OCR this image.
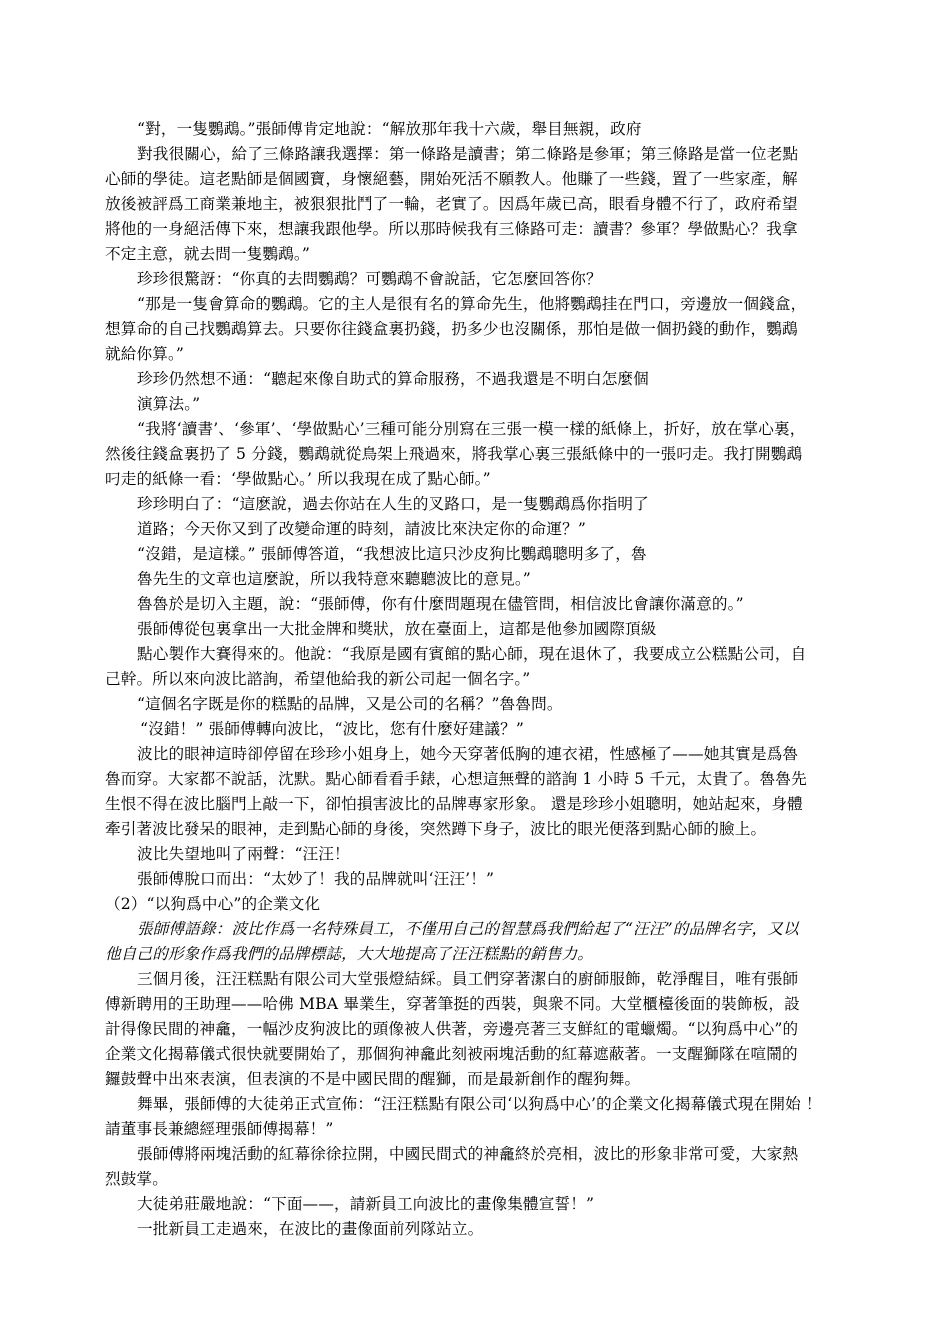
“對，一隻鸚鵡。”張師傅肯定地說：“解放那年我十六歲，舉目無親，政府
對我很關心，給了三條路讓我選擇：第一條路是讀書；第二條路是參軍；第三條路是當一位老點
心師的學徒。這老點師是個國寶，身懷絕藝，開始死活不願教人。他賺了一些錢，置了一些家產，解
放後被評爲工商業兼地主，被狠狠批鬥了一輪，老實了。因爲年歲已高，眼看身體不行了，政府希望
將他的一身絕活傳下來，想讓我跟他學。所以那時候我有三條路可走：讀書？參軍？學做點心？我拿
不定主意，就去問一隻鸚鵡。”
珍珍很驚訝：“你真的去問鸚鵡？可鸚鵡不會說話，它怎麼回答你？
“那是一隻會算命的鸚鵡。它的主人是很有名的算命先生，他將鸚鵡挂在門口，旁邊放一個錢盒，
想算命的自己找鸚鵡算去。只要你往錢盒裏扔錢，扔多少也沒關係，那怕是做一個扔錢的動作，鸚鵡
就給你算。”
珍珍仍然想不通：“聽起來像自助式的算命服務，不過我還是不明白怎麼個
演算法。”
“我將‘讀書’、‘參軍’、‘學做點心’三種可能分別寫在三張一模一樣的紙條上，折好，放在掌心裏，
然後往錢盒裏扔了 5 分錢，鸚鵡就從鳥架上飛過來，將我掌心裏三張紙條中的一張叼走。我打開鸚鵡
叼走的紙條一看：‘學做點心。’ 所以我現在成了點心師。”
珍珍明白了：“這麽說，過去你站在人生的叉路口，是一隻鸚鵡爲你指明了
道路；今天你又到了改變命運的時刻，請波比來決定你的命運？”
“沒錯，是這樣。” 張師傅答道，“我想波比這只沙皮狗比鸚鵡聰明多了，魯
魯先生的文章也這麼說，所以我特意來聽聽波比的意見。”
魯魯於是切入主題，說：“張師傅，你有什麼問題現在儘管問，相信波比會讓你滿意的。”
張師傅從包裏拿出一大批金牌和獎狀，放在臺面上，這都是他參加國際頂級
點心製作大賽得來的。他說：“我原是國有賓館的點心師，現在退休了，我要成立公糕點公司，自
己幹。所以來向波比諮詢，希望他給我的新公司起一個名字。”
“這個名字既是你的糕點的品牌，又是公司的名稱？”魯魯問。
“沒錯！” 張師傅轉向波比，“波比，您有什麼好建議？”
波比的眼神這時卻停留在珍珍小姐身上，她今天穿著低胸的連衣裙，性感極了——她其實是爲魯
魯而穿。大家都不說話，沈默。點心師看看手錶，心想這無聲的諮詢 1 小時 5 千元，太貴了。魯魯先
生恨不得在波比腦門上敲一下，卻怕損害波比的品牌專家形象。 還是珍珍小姐聰明，她站起來，身體
牽引著波比發呆的眼神，走到點心師的身後，突然蹲下身子，波比的眼光便落到點心師的臉上。
波比失望地叫了兩聲：“汪汪！
張師傅脫口而出：“太妙了！我的品牌就叫‘汪汪’！”
（2）“以狗爲中心”的企業文化
張師傅語錄：波比作爲一名特殊員工，不僅用自己的智慧爲我們給起了“汪汪”的品牌名字，又以
他自己的形象作爲我們的品牌標誌，大大地提高了汪汪糕點的銷售力。
三個月後，汪汪糕點有限公司大堂張燈結綵。員工們穿著潔白的廚師服飾，乾淨醒目，唯有張師
傅新聘用的王助理——哈佛 MBA 畢業生，穿著筆挺的西裝，與衆不同。大堂櫃檯後面的裝飾板，設
計得像民間的神龕，一幅沙皮狗波比的頭像被人供著，旁邊亮著三支鮮紅的電蠟燭。“以狗爲中心”的
企業文化揭幕儀式很快就要開始了，那個狗神龕此刻被兩塊活動的紅幕遮蔽著。一支醒獅隊在喧鬧的
鑼鼓聲中出來表演，但表演的不是中國民間的醒獅，而是最新創作的醒狗舞。
舞畢，張師傅的大徒弟正式宣佈：“汪汪糕點有限公司‘以狗爲中心’的企業文化揭幕儀式現在開始 ！
請董事長兼總經理張師傅揭幕！”
張師傅將兩塊活動的紅幕徐徐拉開，中國民間式的神龕終於亮相，波比的形象非常可愛，大家熱
烈鼓掌。
大徒弟莊嚴地說：“下面——，請新員工向波比的畫像集體宣誓！”
一批新員工走過來，在波比的畫像面前列隊站立。
